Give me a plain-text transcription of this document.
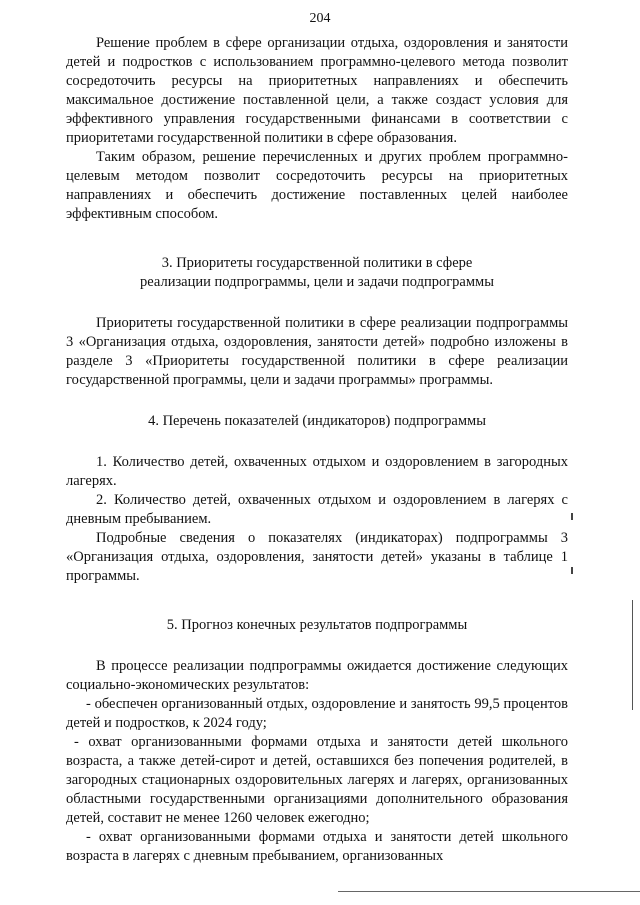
204

Решение проблем в сфере организации отдыха, оздоровления и занятости детей и подростков с использованием программно-целевого метода позволит сосредоточить ресурсы на приоритетных направлениях и обеспечить максимальное достижение поставленной цели, а также создаст условия для эффективного управления государственными финансами в соответствии с приоритетами государственной политики в сфере образования.

Таким образом, решение перечисленных и других проблем программно-целевым методом позволит сосредоточить ресурсы на приоритетных направлениях и обеспечить достижение поставленных целей наиболее эффективным способом.

3. Приоритеты государственной политики в сфере

реализации подпрограммы, цели и задачи подпрограммы

Приоритеты государственной политики в сфере реализации подпрограммы 3 «Организация отдыха, оздоровления, занятости детей» подробно изложены в разделе 3 «Приоритеты государственной политики в сфере реализации государственной программы, цели и задачи программы» программы.

4. Перечень показателей (индикаторов) подпрограммы

1. Количество детей, охваченных отдыхом и оздоровлением в загородных лагерях.

2. Количество детей, охваченных отдыхом и оздоровлением в лагерях с дневным пребыванием.

Подробные сведения о показателях (индикаторах) подпрограммы 3 «Организация отдыха, оздоровления, занятости детей» указаны в таблице 1 программы.

5. Прогноз конечных результатов подпрограммы

В процессе реализации подпрограммы ожидается достижение следующих социально-экономических результатов:

- обеспечен организованный отдых, оздоровление и занятость 99,5 процентов детей и подростков, к 2024 году;

- охват организованными формами отдыха и занятости детей школьного возраста, а также детей-сирот и детей, оставшихся без попечения родителей, в загородных стационарных оздоровительных лагерях и лагерях, организованных областными государственными организациями дополнительного образования детей, составит не менее 1260 человек ежегодно;

- охват организованными формами отдыха и занятости детей школьного возраста в лагерях с дневным пребыванием, организованных
